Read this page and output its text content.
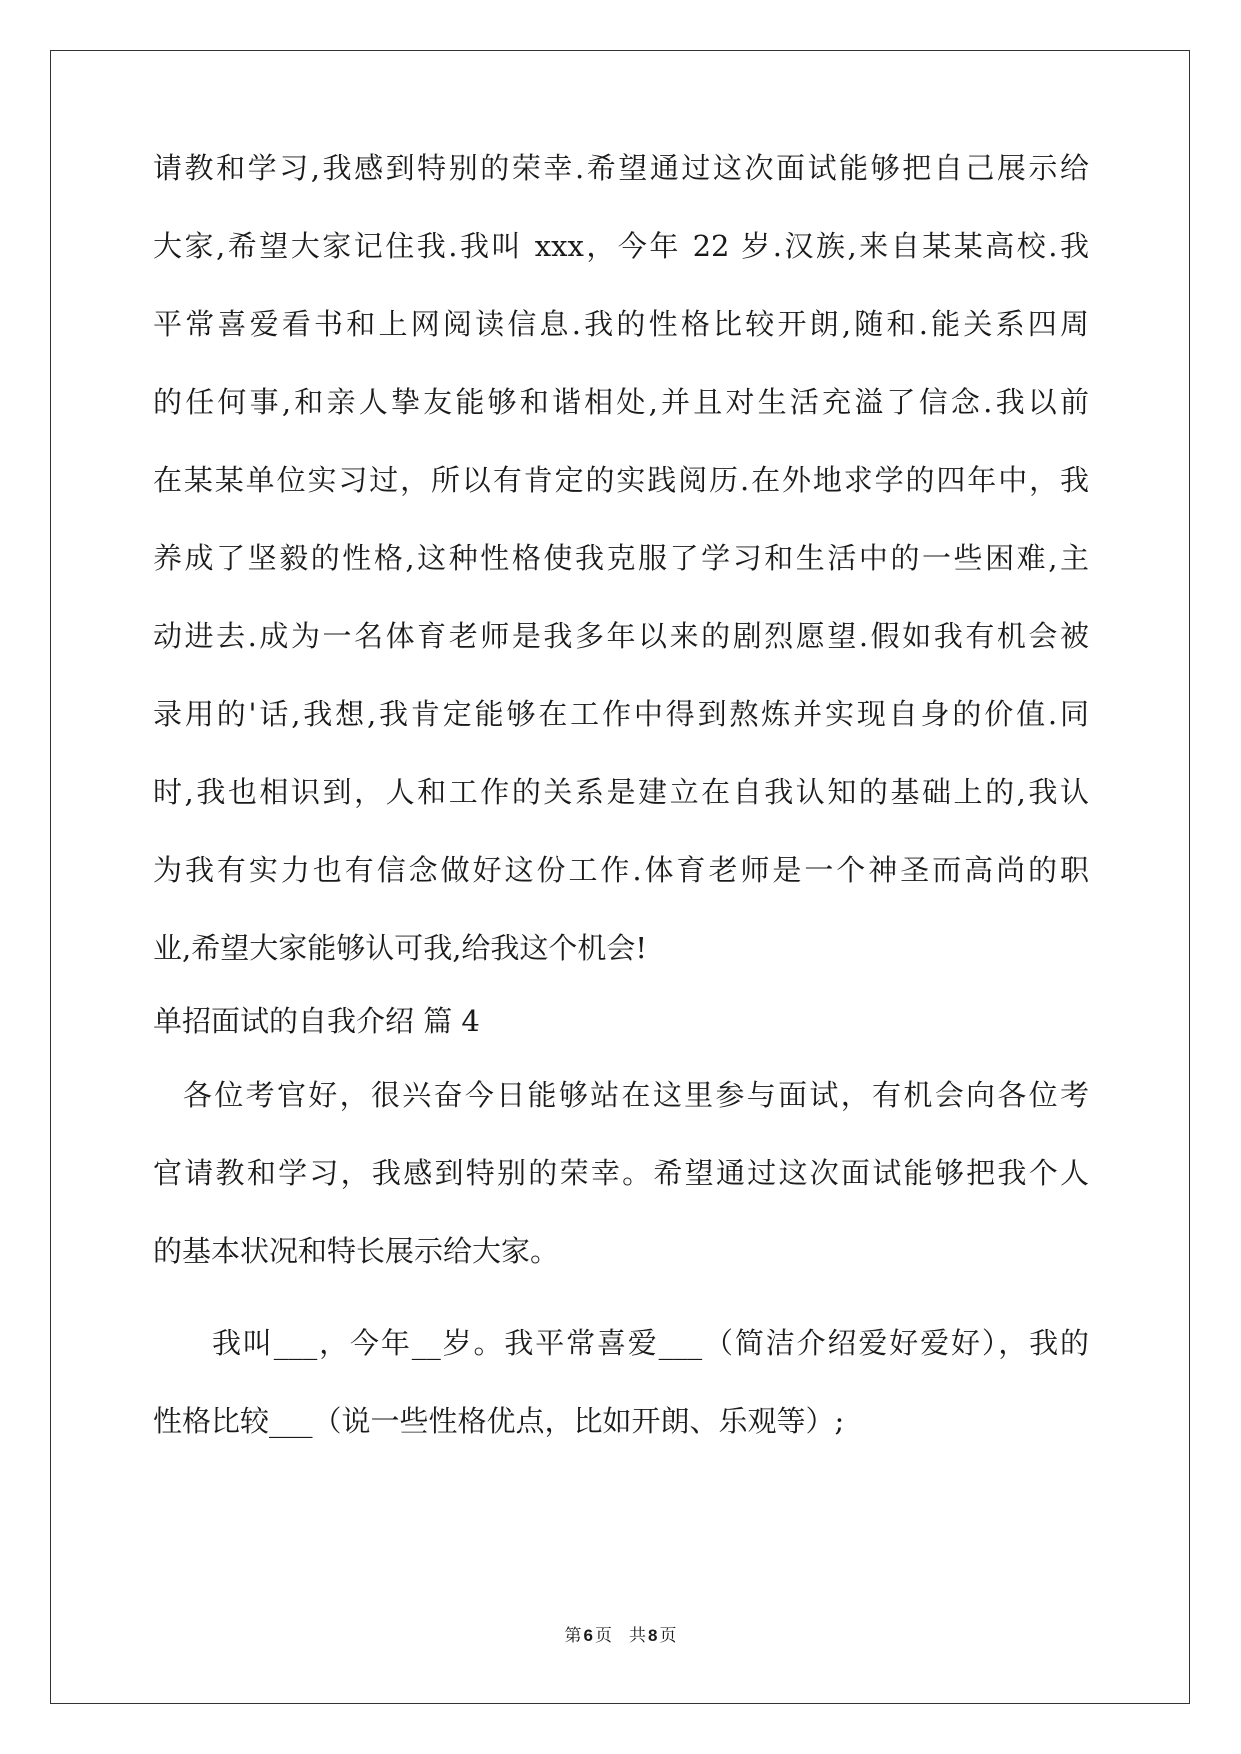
请教和学习,我感到特别的荣幸.希望通过这次面试能够把自己展示给
大家,希望大家记住我.我叫 xxx，今年 22 岁.汉族,来自某某高校.我
平常喜爱看书和上网阅读信息.我的性格比较开朗,随和.能关系四周
的任何事,和亲人挚友能够和谐相处,并且对生活充溢了信念.我以前
在某某单位实习过，所以有肯定的实践阅历.在外地求学的四年中，我
养成了坚毅的性格,这种性格使我克服了学习和生活中的一些困难,主
动进去.成为一名体育老师是我多年以来的剧烈愿望.假如我有机会被
录用的'话,我想,我肯定能够在工作中得到熬炼并实现自身的价值.同
时,我也相识到，人和工作的关系是建立在自我认知的基础上的,我认
为我有实力也有信念做好这份工作.体育老师是一个神圣而高尚的职
业,希望大家能够认可我,给我这个机会!
单招面试的自我介绍 篇 4
各位考官好，很兴奋今日能够站在这里参与面试，有机会向各位考
官请教和学习，我感到特别的荣幸。希望通过这次面试能够把我个人
的基本状况和特长展示给大家。
我叫___，今年__岁。我平常喜爱___（简洁介绍爱好爱好），我的
性格比较___（说一些性格优点，比如开朗、乐观等）;
第 6 页　共 8 页
